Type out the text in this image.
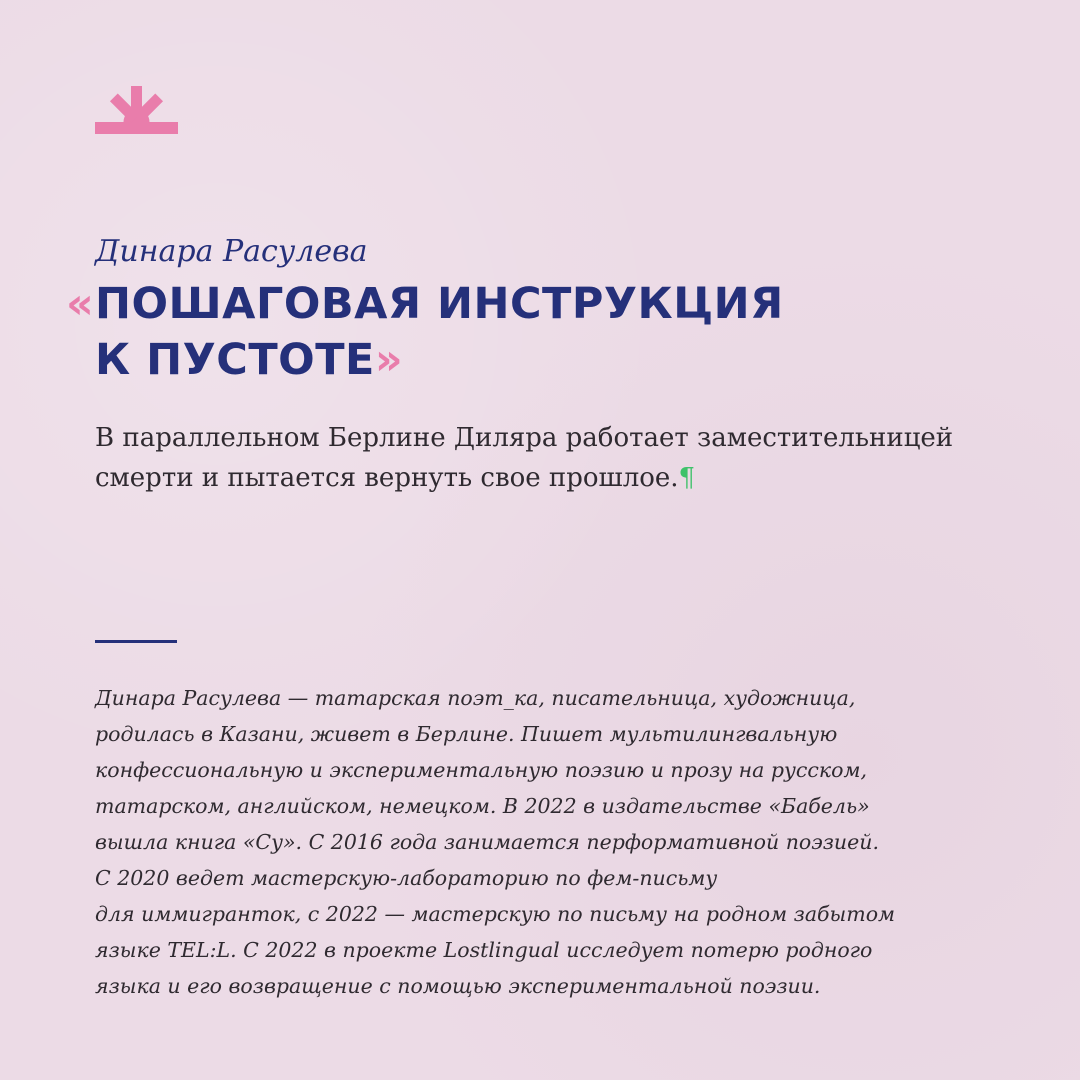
Динара Расулева

«ПОШАГОВАЯ ИНСТРУКЦИЯ
К ПУСТОТЕ»

В параллельном Берлине Диляра работает заместительницей смерти и пытается вернуть свое прошлое.¶

Динара Расулева — татарская поэт_ка, писательница, художница,
родилась в Казани, живет в Берлине. Пишет мультилингвальную
конфессиональную и экспериментальную поэзию и прозу на русском,
татарском, английском, немецком. В 2022 в издательстве «Бабель»
вышла книга «Су». С 2016 года занимается перформативной поэзией.
С 2020 ведет мастерскую-лабораторию по фем-письму
для иммигранток, с 2022 — мастерскую по письму на родном забытом
языке TEL:L. С 2022 в проекте Lostlingual исследует потерю родного
языка и его возвращение с помощью экспериментальной поэзии.
